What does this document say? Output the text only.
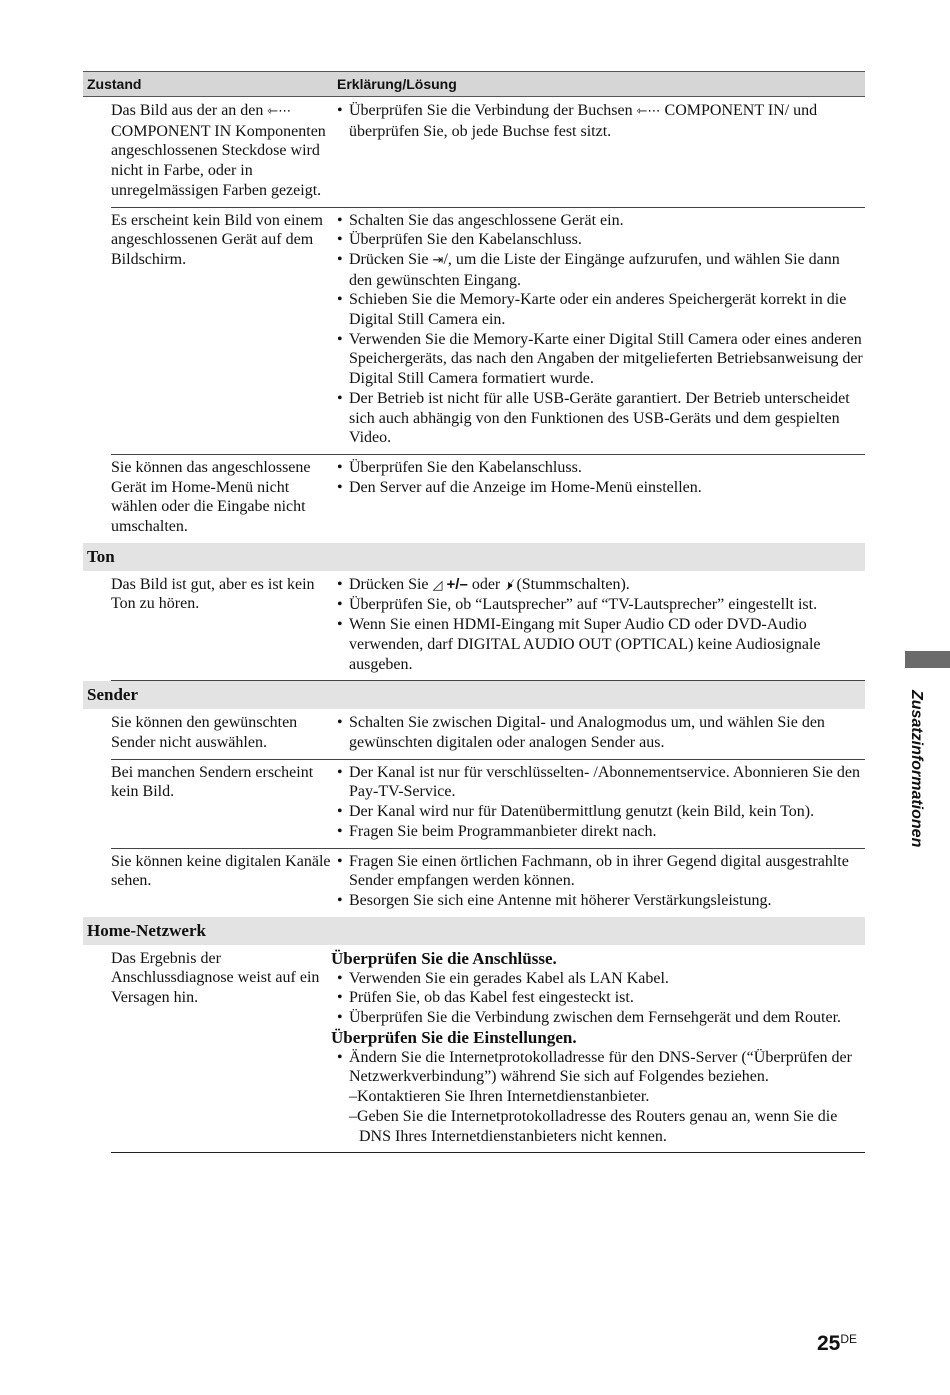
Zustand	Erklärung/Lösung
Das Bild aus der an den ⇽⋯ COMPONENT IN Komponenten angeschlossenen Steckdose wird nicht in Farbe, oder in unregelmässigen Farben gezeigt.
• Überprüfen Sie die Verbindung der Buchsen ⇽⋯ COMPONENT IN/ und überprüfen Sie, ob jede Buchse fest sitzt.
Es erscheint kein Bild von einem angeschlossenen Gerät auf dem Bildschirm.
• Schalten Sie das angeschlossene Gerät ein.
• Überprüfen Sie den Kabelanschluss.
• Drücken Sie ⇥/, um die Liste der Eingänge aufzurufen, und wählen Sie dann den gewünschten Eingang.
• Schieben Sie die Memory-Karte oder ein anderes Speichergerät korrekt in die Digital Still Camera ein.
• Verwenden Sie die Memory-Karte einer Digital Still Camera oder eines anderen Speichergeräts, das nach den Angaben der mitgelieferten Betriebsanweisung der Digital Still Camera formatiert wurde.
• Der Betrieb ist nicht für alle USB-Geräte garantiert. Der Betrieb unterscheidet sich auch abhängig von den Funktionen des USB-Geräts und dem gespielten Video.
Sie können das angeschlossene Gerät im Home-Menü nicht wählen oder die Eingabe nicht umschalten.
• Überprüfen Sie den Kabelanschluss.
• Den Server auf die Anzeige im Home-Menü einstellen.
Ton
Das Bild ist gut, aber es ist kein Ton zu hören.
• Drücken Sie ◿ +/– oder 🕨̸ (Stummschalten).
• Überprüfen Sie, ob “Lautsprecher” auf “TV-Lautsprecher” eingestellt ist.
• Wenn Sie einen HDMI-Eingang mit Super Audio CD oder DVD-Audio verwenden, darf DIGITAL AUDIO OUT (OPTICAL) keine Audiosignale ausgeben.
Sender
Sie können den gewünschten Sender nicht auswählen.
• Schalten Sie zwischen Digital- und Analogmodus um, und wählen Sie den gewünschten digitalen oder analogen Sender aus.
Bei manchen Sendern erscheint kein Bild.
• Der Kanal ist nur für verschlüsselten- /Abonnementservice. Abonnieren Sie den Pay-TV-Service.
• Der Kanal wird nur für Datenübermittlung genutzt (kein Bild, kein Ton).
• Fragen Sie beim Programmanbieter direkt nach.
Sie können keine digitalen Kanäle sehen.
• Fragen Sie einen örtlichen Fachmann, ob in ihrer Gegend digital ausgestrahlte Sender empfangen werden können.
• Besorgen Sie sich eine Antenne mit höherer Verstärkungsleistung.
Home-Netzwerk
Das Ergebnis der Anschlussdiagnose weist auf ein Versagen hin.
Überprüfen Sie die Anschlüsse.
• Verwenden Sie ein gerades Kabel als LAN Kabel.
• Prüfen Sie, ob das Kabel fest eingesteckt ist.
• Überprüfen Sie die Verbindung zwischen dem Fernsehgerät und dem Router.
Überprüfen Sie die Einstellungen.
• Ändern Sie die Internetprotokolladresse für den DNS-Server (“Überprüfen der Netzwerkverbindung”) während Sie sich auf Folgendes beziehen.
–Kontaktieren Sie Ihren Internetdienstanbieter.
–Geben Sie die Internetprotokolladresse des Routers genau an, wenn Sie die DNS Ihres Internetdienstanbieters nicht kennen.
Zusatzinformationen
25DE
